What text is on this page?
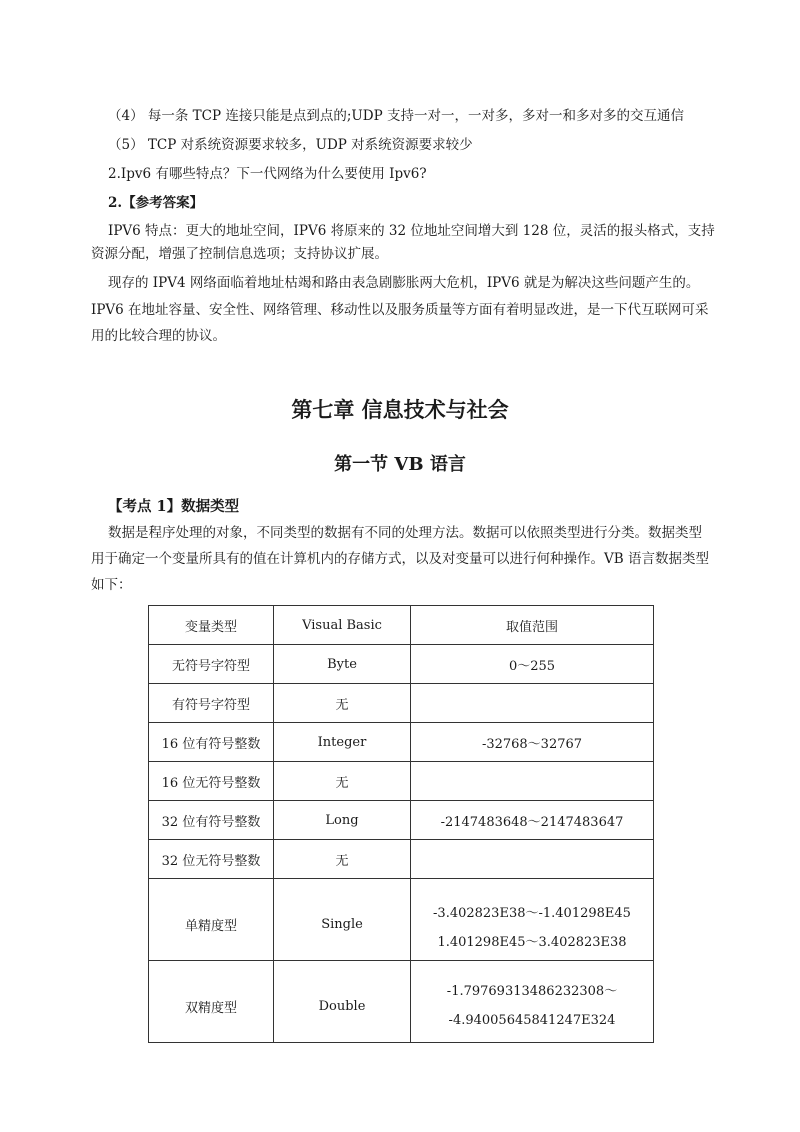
（4） 每一条 TCP 连接只能是点到点的;UDP 支持一对一，一对多，多对一和多对多的交互通信
（5） TCP 对系统资源要求较多，UDP 对系统资源要求较少
2.Ipv6 有哪些特点？下一代网络为什么要使用 Ipv6?
2.【参考答案】
IPV6 特点：更大的地址空间，IPV6 将原来的 32 位地址空间增大到 128 位，灵活的报头格式，支持
资源分配，增强了控制信息选项；支持协议扩展。
现存的 IPV4 网络面临着地址枯竭和路由表急剧膨胀两大危机，IPV6 就是为解决这些问题产生的。
IPV6 在地址容量、安全性、网络管理、移动性以及服务质量等方面有着明显改进，是一下代互联网可采
用的比较合理的协议。
第七章 信息技术与社会
第一节 VB 语言
【考点 1】数据类型
数据是程序处理的对象，不同类型的数据有不同的处理方法。数据可以依照类型进行分类。数据类型
用于确定一个变量所具有的值在计算机内的存储方式，以及对变量可以进行何种操作。VB 语言数据类型
如下：
变量类型	Visual Basic	取值范围
无符号字符型	Byte	0～255
有符号字符型	无	
16 位有符号整数	Integer	-32768～32767
16 位无符号整数	无	
32 位有符号整数	Long	-2147483648～2147483647
32 位无符号整数	无	

单精度型	Single	-3.402823E38～-1.401298E45
1.401298E45～3.402823E38

双精度型	Double	-1.79769313486232308～
-4.94005645841247E324
